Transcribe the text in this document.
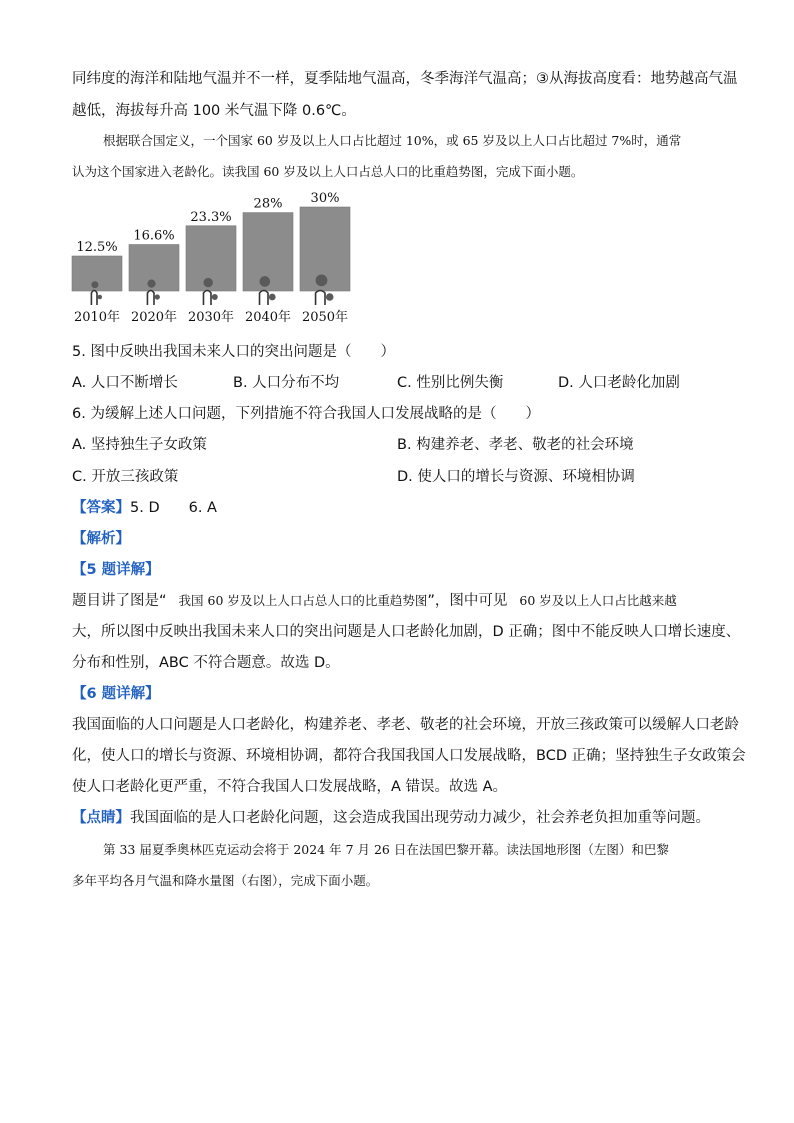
同纬度的海洋和陆地气温并不一样，夏季陆地气温高，冬季海洋气温高；③从海拔高度看：地势越高气温
越低，海拔每升高 100 米气温下降 0.6℃。
根据联合国定义，一个国家 60 岁及以上人口占比超过 10%，或 65 岁及以上人口占比超过 7%时，通常
认为这个国家进入老龄化。读我国 60 岁及以上人口占总人口的比重趋势图，完成下面小题。
12.5%
2010年
16.6%
2020年
23.3%
2030年
28%
2040年
30%
2050年
5. 图中反映出我国未来人口的突出问题是（　　）
A. 人口不断增长	B. 人口分布不均	C. 性别比例失衡	D. 人口老龄化加剧
6. 为缓解上述人口问题，下列措施不符合我国人口发展战略的是（　　）
A. 坚持独生子女政策	B. 构建养老、孝老、敬老的社会环境
C. 开放三孩政策	D. 使人口的增长与资源、环境相协调
【答案】5. D　　6. A
【解析】
【5 题详解】
题目讲了图是“ 我国 60 岁及以上人口占总人口的比重趋势图”，图中可见 60 岁及以上人口占比越来越
大，所以图中反映出我国未来人口的突出问题是人口老龄化加剧，D 正确；图中不能反映人口增长速度、
分布和性别，ABC 不符合题意。故选 D。
【6 题详解】
我国面临的人口问题是人口老龄化，构建养老、孝老、敬老的社会环境，开放三孩政策可以缓解人口老龄
化，使人口的增长与资源、环境相协调，都符合我国我国人口发展战略，BCD 正确；坚持独生子女政策会
使人口老龄化更严重，不符合我国人口发展战略，A 错误。故选 A。
【点睛】我国面临的是人口老龄化问题，这会造成我国出现劳动力减少，社会养老负担加重等问题。
第 33 届夏季奥林匹克运动会将于 2024 年 7 月 26 日在法国巴黎开幕。读法国地形图（左图）和巴黎
多年平均各月气温和降水量图（右图），完成下面小题。
